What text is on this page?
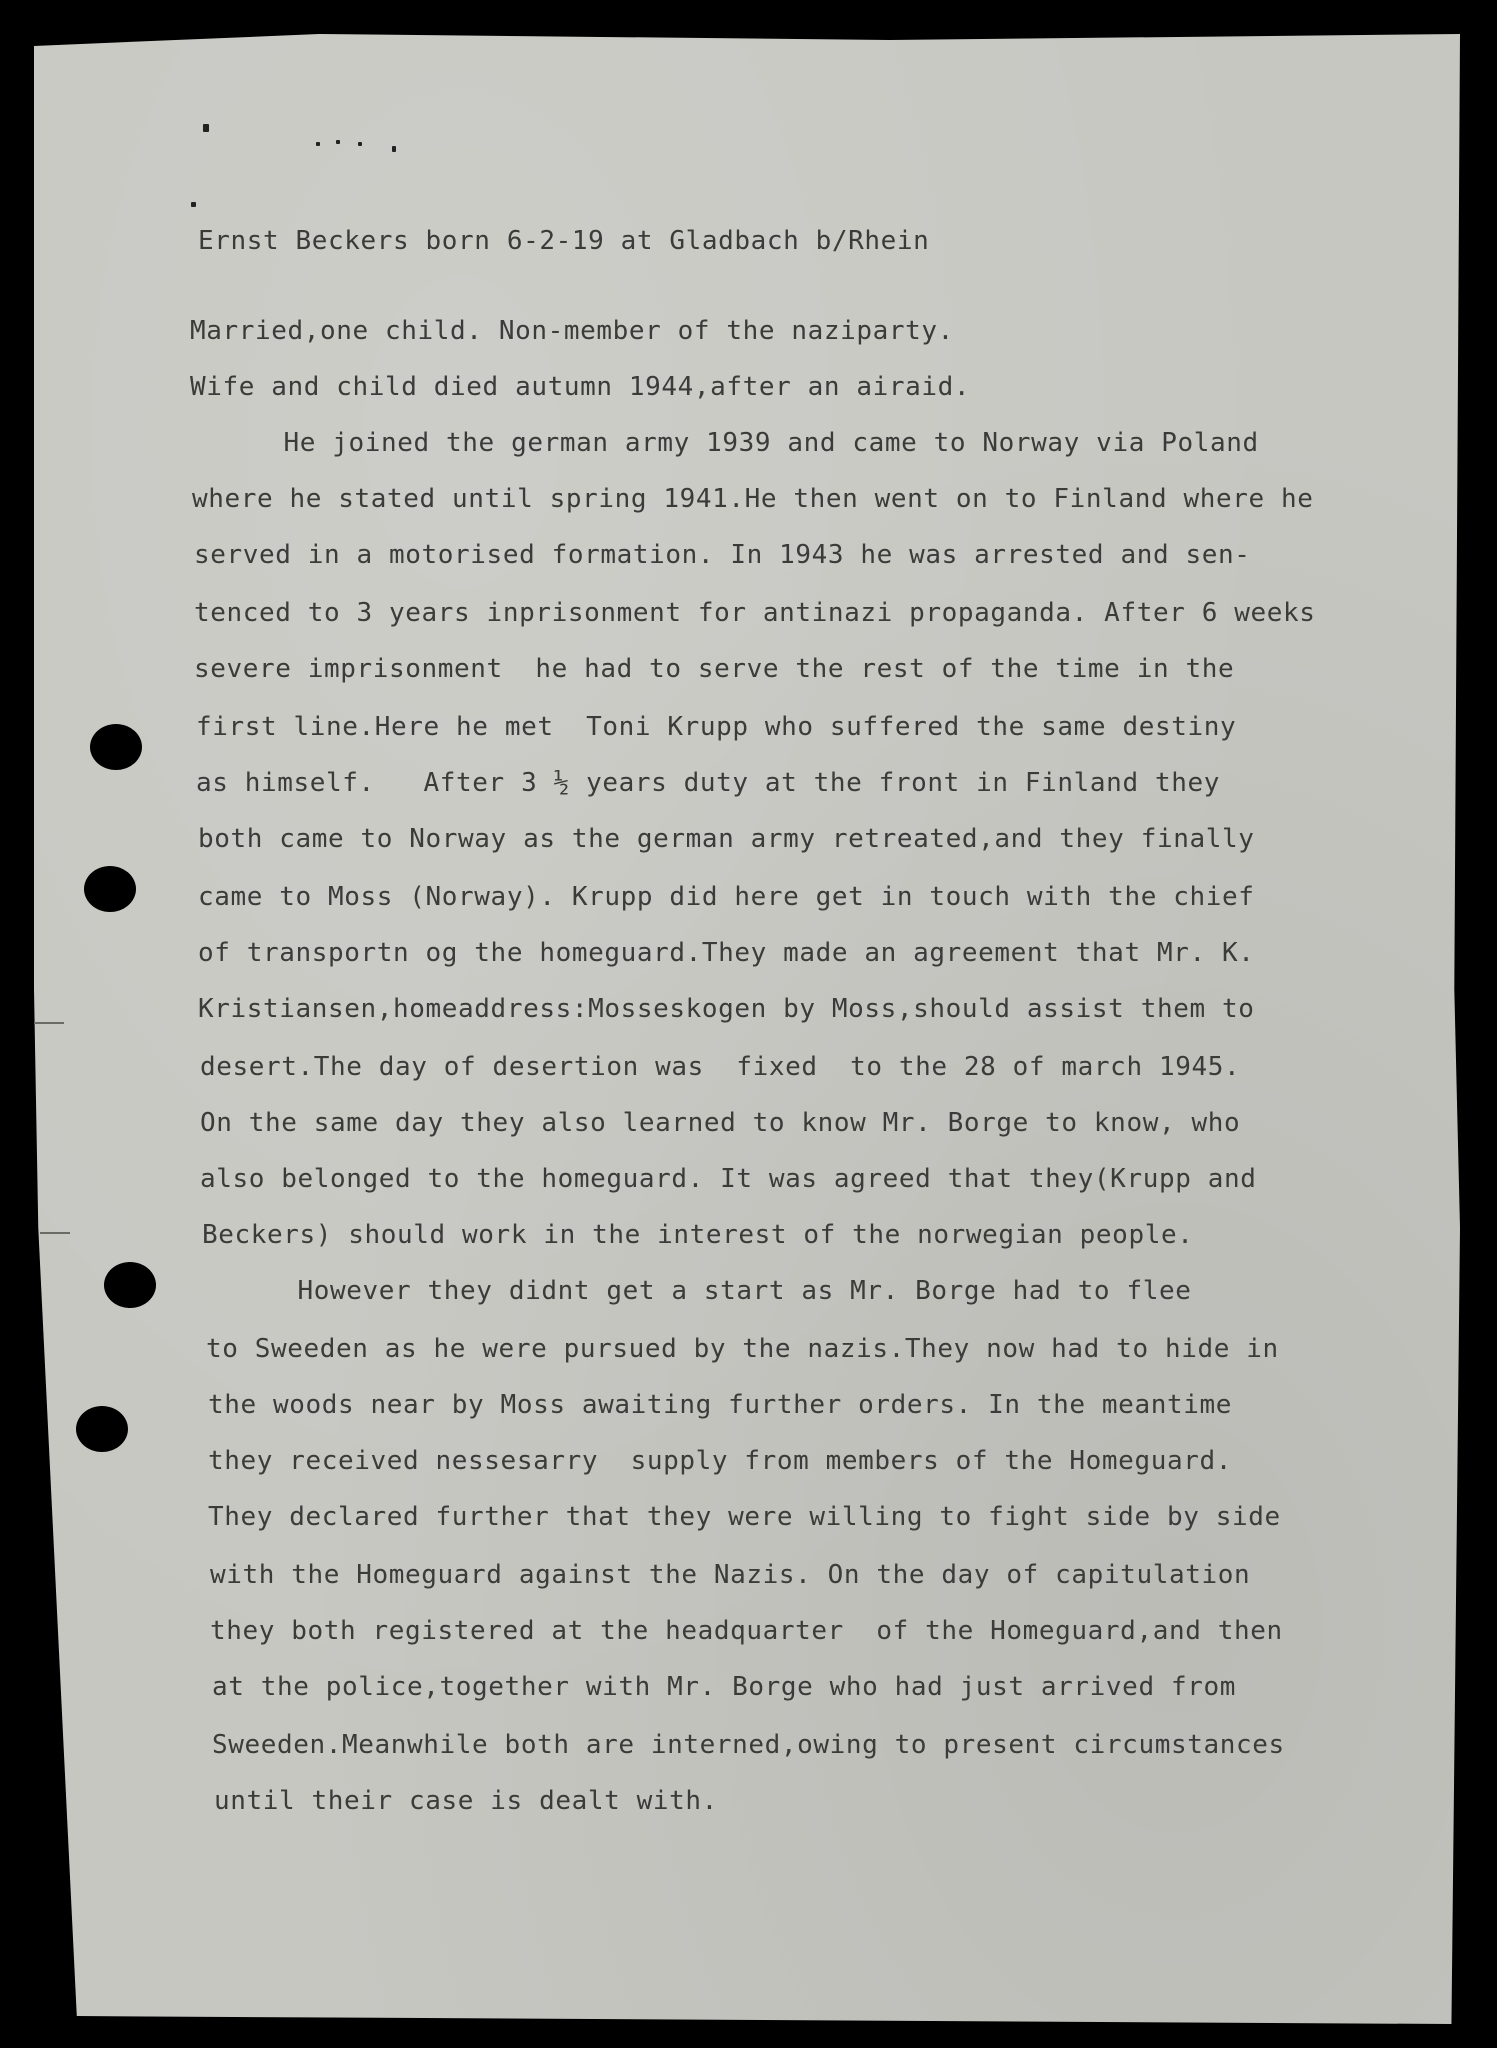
Ernst Beckers born 6-2-19 at Gladbach b/Rhein
Married,one child. Non-member of the naziparty.
Wife and child died autumn 1944,after an airaid.
He joined the german army 1939 and came to Norway via Poland
where he stated until spring 1941.He then went on to Finland where he
served in a motorised formation. In 1943 he was arrested and sen-
tenced to 3 years inprisonment for antinazi propaganda. After 6 weeks
severe imprisonment  he had to serve the rest of the time in the
first line.Here he met  Toni Krupp who suffered the same destiny
as himself.   After 3 ½ years duty at the front in Finland they
both came to Norway as the german army retreated,and they finally
came to Moss (Norway). Krupp did here get in touch with the chief
of transportn og the homeguard.They made an agreement that Mr. K.
Kristiansen,homeaddress:Mosseskogen by Moss,should assist them to
desert.The day of desertion was  fixed  to the 28 of march 1945.
On the same day they also learned to know Mr. Borge to know, who
also belonged to the homeguard. It was agreed that they(Krupp and
Beckers) should work in the interest of the norwegian people.
However they didnt get a start as Mr. Borge had to flee
to Sweeden as he were pursued by the nazis.They now had to hide in
the woods near by Moss awaiting further orders. In the meantime
they received nessesarry  supply from members of the Homeguard.
They declared further that they were willing to fight side by side
with the Homeguard against the Nazis. On the day of capitulation
they both registered at the headquarter  of the Homeguard,and then
at the police,together with Mr. Borge who had just arrived from
Sweeden.Meanwhile both are interned,owing to present circumstances
until their case is dealt with.
